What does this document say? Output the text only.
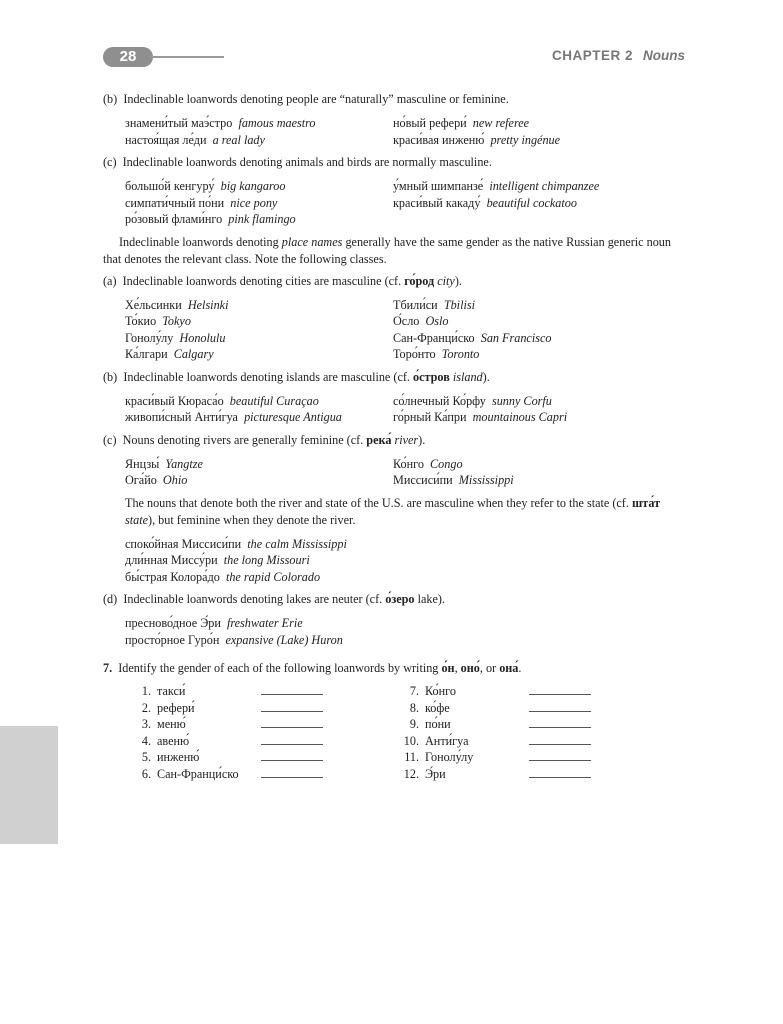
28	CHAPTER 2 Nouns

(b) Indeclinable loanwords denoting people are “naturally” masculine or feminine.

знамени́тый маэ́стро famous maestro	но́вый рефери́ new referee
настоя́щая ле́ди a real lady	краси́вая инженю́ pretty ingénue

(c) Indeclinable loanwords denoting animals and birds are normally masculine.

большо́й кенгуру́ big kangaroo	у́мный шимпанзе́ intelligent chimpanzee
симпати́чный по́ни nice pony	краси́вый какаду́ beautiful cockatoo
ро́зовый флами́нго pink flamingo

Indeclinable loanwords denoting place names generally have the same gender as the native Russian generic noun that denotes the relevant class. Note the following classes.

(a) Indeclinable loanwords denoting cities are masculine (cf. го́род city).

Хе́льсинки Helsinki	Тбили́си Tbilisi
То́кио Tokyo	О́сло Oslo
Гонолу́лу Honolulu	Сан-Франци́ско San Francisco
Ка́лгари Calgary	Торо́нто Toronto

(b) Indeclinable loanwords denoting islands are masculine (cf. о́стров island).

краси́вый Кюраса́о beautiful Curaçao	со́лнечный Ко́рфу sunny Corfu
живопи́сный Анти́гуа picturesque Antigua	го́рный Ка́при mountainous Capri

(c) Nouns denoting rivers are generally feminine (cf. река́ river).

Янцзы́ Yangtze	Ко́нго Congo
Ога́йо Ohio	Миссиси́пи Mississippi

The nouns that denote both the river and state of the U.S. are masculine when they refer to the state (cf. шта́т state), but feminine when they denote the river.

споко́йная Миссиси́пи the calm Mississippi
дли́нная Миссу́ри the long Missouri
бы́страя Колора́до the rapid Colorado

(d) Indeclinable loanwords denoting lakes are neuter (cf. о́зеро lake).

пресново́дное Э́ри freshwater Erie
просто́рное Гуро́н expansive (Lake) Huron

7. Identify the gender of each of the following loanwords by writing о́н, оно́, or она́.

1. такси́	7. Ко́нго
2. рефери́	8. ко́фе
3. меню́	9. по́ни
4. авеню́	10. Анти́гуа
5. инженю́	11. Гонолу́лу
6. Сан-Франци́ско	12. Э́ри
